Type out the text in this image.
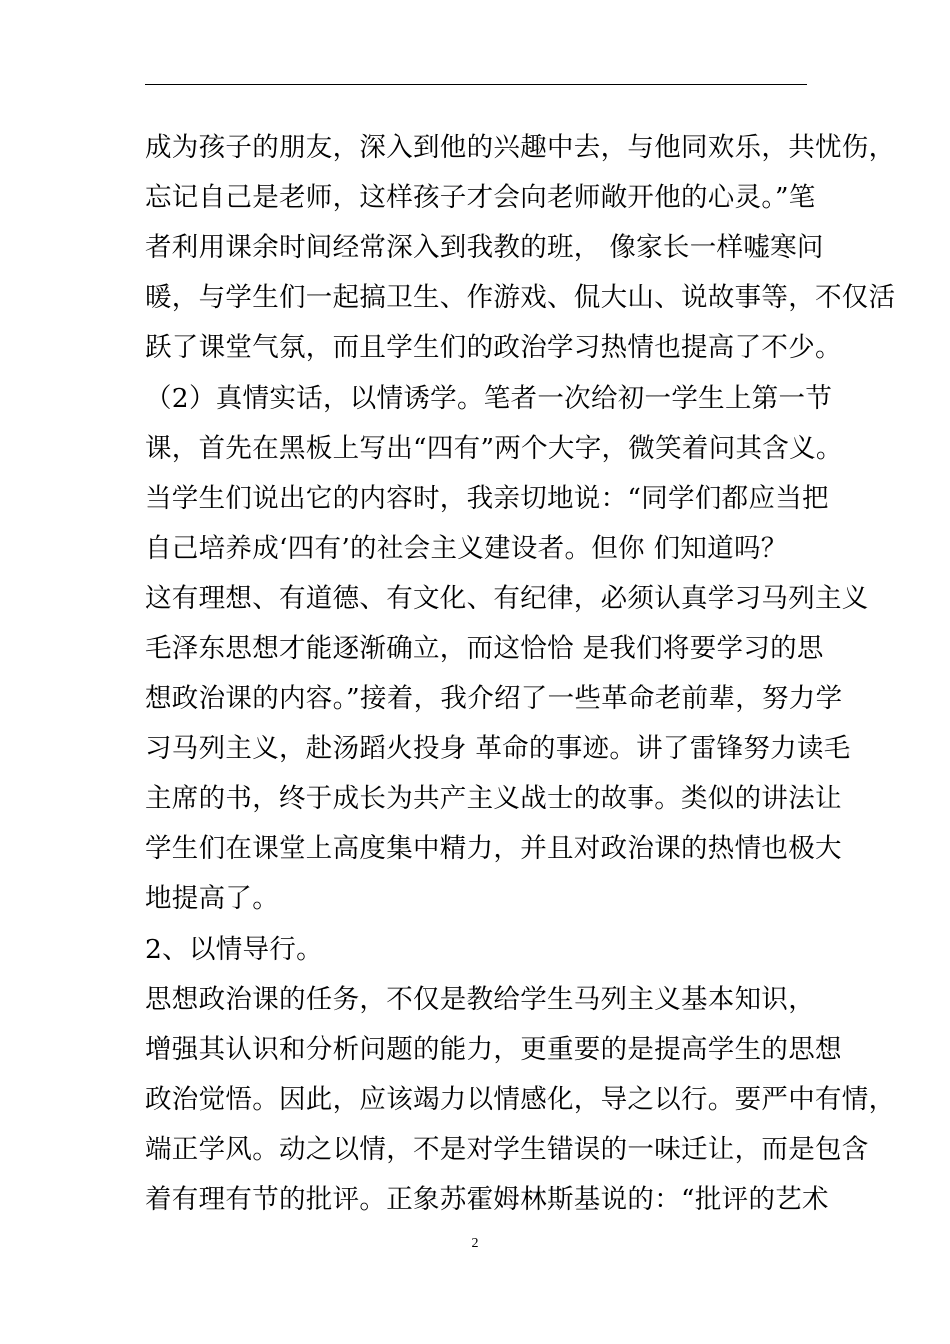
成为孩子的朋友，深入到他的兴趣中去，与他同欢乐，共忧伤，
忘记自己是老师，这样孩子才会向老师敞开他的心灵。”笔
者利用课余时间经常深入到我教的班， 像家长一样嘘寒问
暖，与学生们一起搞卫生、作游戏、侃大山、说故事等，不仅活
跃了课堂气氛，而且学生们的政治学习热情也提高了不少。
（2）真情实话，以情诱学。笔者一次给初一学生上第一节
课，首先在黑板上写出“四有”两个大字，微笑着问其含义。
当学生们说出它的内容时，我亲切地说：“同学们都应当把
自己培养成‘四有’的社会主义建设者。但你 们知道吗？
这有理想、有道德、有文化、有纪律，必须认真学习马列主义
毛泽东思想才能逐渐确立，而这恰恰 是我们将要学习的思
想政治课的内容。”接着，我介绍了一些革命老前辈，努力学
习马列主义，赴汤蹈火投身 革命的事迹。讲了雷锋努力读毛
主席的书，终于成长为共产主义战士的故事。类似的讲法让
学生们在课堂上高度集中精力，并且对政治课的热情也极大
地提高了。
2、以情导行。
思想政治课的任务，不仅是教给学生马列主义基本知识，
增强其认识和分析问题的能力，更重要的是提高学生的思想
政治觉悟。因此，应该竭力以情感化，导之以行。要严中有情，
端正学风。动之以情，不是对学生错误的一味迁让，而是包含
着有理有节的批评。正象苏霍姆林斯基说的：“批评的艺术
2
